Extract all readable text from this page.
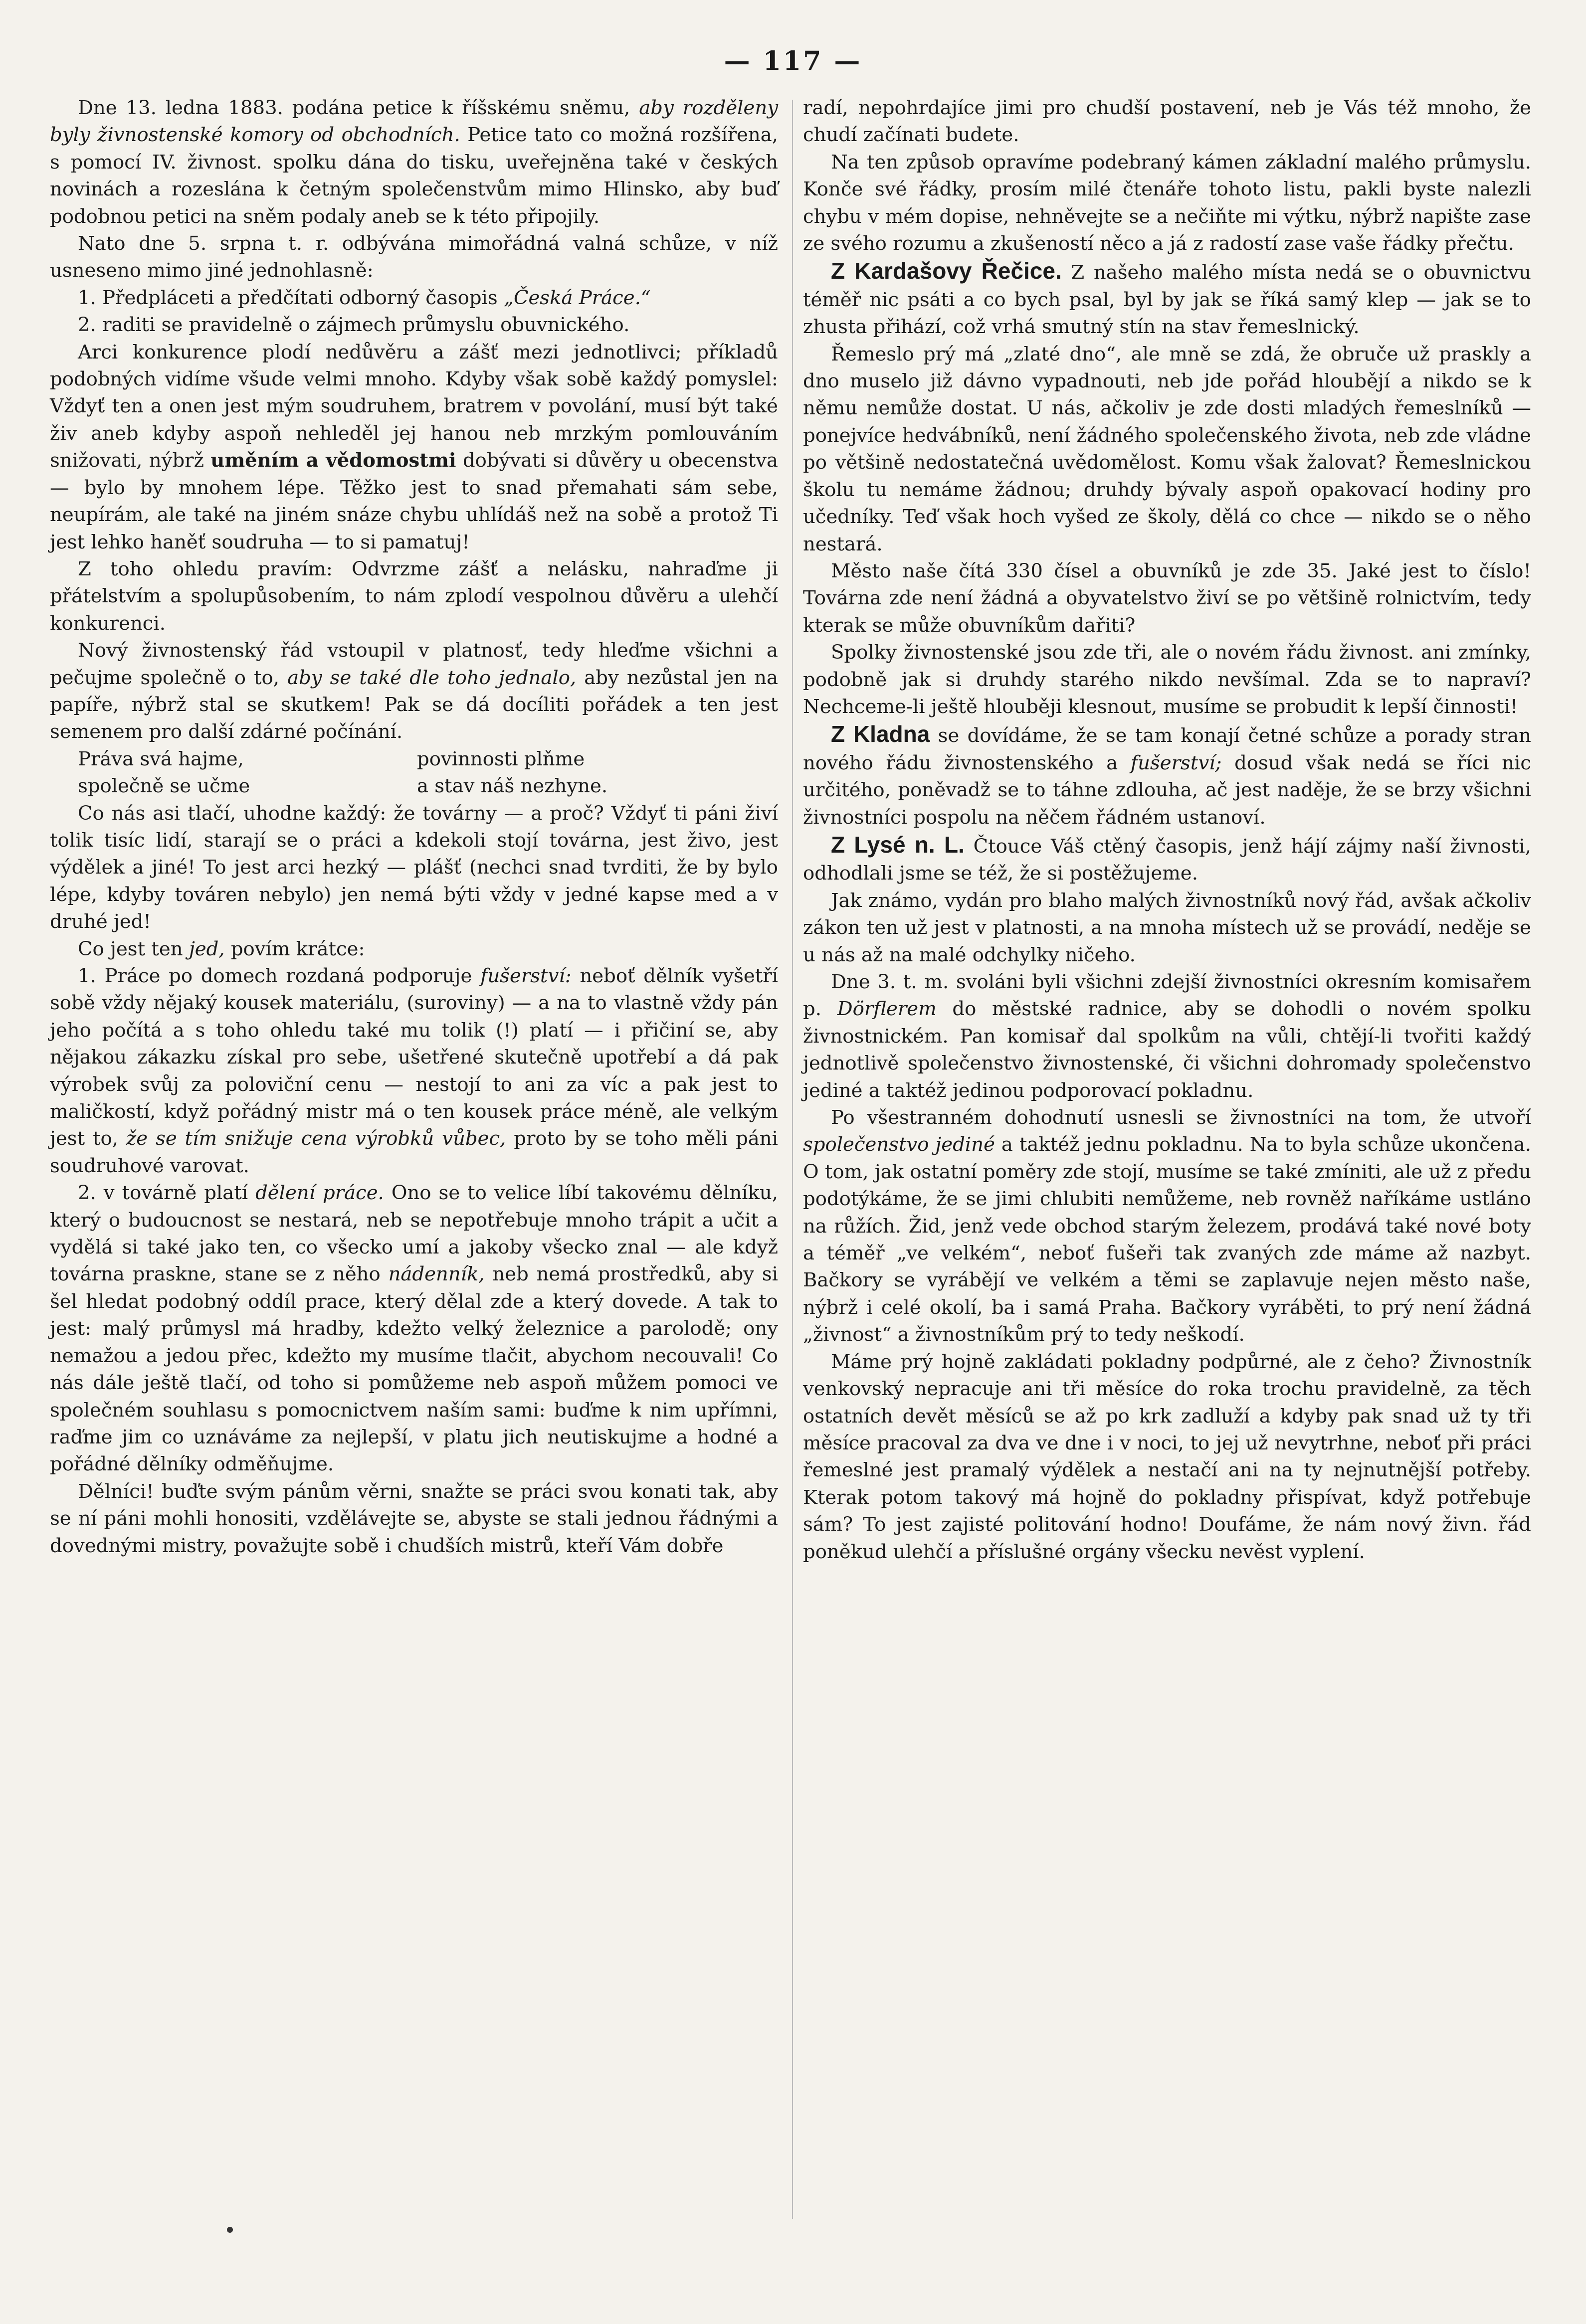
— 117 —

Dne 13. ledna 1883. podána petice k říšskému sněmu, aby rozděleny byly živnostenské komory od obchodních. Petice tato co možná rozšířena, s pomocí IV. živnost. spolku dána do tisku, uveřejněna také v českých novinách a rozeslána k četným společenstvům mimo Hlinsko, aby buď podobnou petici na sněm podaly aneb se k této připojily.

Nato dne 5. srpna t. r. odbývána mimořádná valná schůze, v níž usneseno mimo jiné jednohlasně:

1. Předpláceti a předčítati odborný časopis „Česká Práce.“

2. raditi se pravidelně o zájmech průmyslu obuvnického.

Arci konkurence plodí nedůvěru a zášť mezi jednotlivci; příkladů podobných vidíme všude velmi mnoho. Kdyby však sobě každý pomyslel: Vždyť ten a onen jest mým soudruhem, bratrem v povolání, musí být také živ aneb kdyby aspoň nehleděl jej hanou neb mrzkým pomlouváním snižovati, nýbrž uměním a vědomostmi dobývati si důvěry u obecenstva — bylo by mnohem lépe. Těžko jest to snad přemahati sám sebe, neupírám, ale také na jiném snáze chybu uhlídáš než na sobě a protož Ti jest lehko haněť soudruha — to si pamatuj!

Z toho ohledu pravím: Odvrzme zášť a nelásku, nahraďme ji přátelstvím a spolupůsobením, to nám zplodí vespolnou důvěru a ulehčí konkurenci.

Nový živnostenský řád vstoupil v platnosť, tedy hleďme všichni a pečujme společně o to, aby se také dle toho jednalo, aby nezůstal jen na papíře, nýbrž stal se skutkem! Pak se dá docíliti pořádek a ten jest semenem pro další zdárné počínání.

Práva svá hajme,	povinnosti plňme
společně se učme	a stav náš nezhyne.

Co nás asi tlačí, uhodne každý: že továrny — a proč? Vždyť ti páni živí tolik tisíc lidí, starají se o práci a kdekoli stojí továrna, jest živo, jest výdělek a jiné! To jest arci hezký — plášť (nechci snad tvrditi, že by bylo lépe, kdyby továren nebylo) jen nemá býti vždy v jedné kapse med a v druhé jed!

Co jest ten jed, povím krátce:

1. Práce po domech rozdaná podporuje fušerství: neboť dělník vyšetří sobě vždy nějaký kousek materiálu, (suroviny) — a na to vlastně vždy pán jeho počítá a s toho ohledu také mu tolik (!) platí — i přičiní se, aby nějakou zákazku získal pro sebe, ušetřené skutečně upotřebí a dá pak výrobek svůj za poloviční cenu — nestojí to ani za víc a pak jest to maličkostí, když pořádný mistr má o ten kousek práce méně, ale velkým jest to, že se tím snižuje cena výrobků vůbec, proto by se toho měli páni soudruhové varovat.

2. v továrně platí dělení práce. Ono se to velice líbí takovému dělníku, který o budoucnost se nestará, neb se nepotřebuje mnoho trápit a učit a vydělá si také jako ten, co všecko umí a jakoby všecko znal — ale když továrna praskne, stane se z něho nádenník, neb nemá prostředků, aby si šel hledat podobný oddíl prace, který dělal zde a který dovede. A tak to jest: malý průmysl má hradby, kdežto velký železnice a parolodě; ony nemažou a jedou přec, kdežto my musíme tlačit, abychom necouvali! Co nás dále ještě tlačí, od toho si pomůžeme neb aspoň můžem pomoci ve společném souhlasu s pomocnictvem naším sami: buďme k nim upřímni, raďme jim co uznáváme za nejlepší, v platu jich neutiskujme a hodné a pořádné dělníky odměňujme.

Dělníci! buďte svým pánům věrni, snažte se práci svou konati tak, aby se ní páni mohli honositi, vzdělávejte se, abyste se stali jednou řádnými a dovednými mistry, považujte sobě i chudších mistrů, kteří Vám dobře

radí, nepohrdajíce jimi pro chudší postavení, neb je Vás též mnoho, že chudí začínati budete.

Na ten způsob opravíme podebraný kámen základní malého průmyslu. Konče své řádky, prosím milé čtenáře tohoto listu, pakli byste nalezli chybu v mém dopise, nehněvejte se a nečiňte mi výtku, nýbrž napište zase ze svého rozumu a zkušeností něco a já z radostí zase vaše řádky přečtu.

Z Kardašovy Řečice. Z našeho malého místa nedá se o obuvnictvu téměř nic psáti a co bych psal, byl by jak se říká samý klep — jak se to zhusta přihází, což vrhá smutný stín na stav řemeslnický.

Řemeslo prý má „zlaté dno“, ale mně se zdá, že obruče už praskly a dno muselo již dávno vypadnouti, neb jde pořád hloubějí a nikdo se k němu nemůže dostat. U nás, ačkoliv je zde dosti mladých řemeslníků — ponejvíce hedvábníků, není žádného společenského života, neb zde vládne po většině nedostatečná uvědomělost. Komu však žalovat? Řemeslnickou školu tu nemáme žádnou; druhdy bývaly aspoň opakovací hodiny pro učedníky. Teď však hoch vyšed ze školy, dělá co chce — nikdo se o něho nestará.

Město naše čítá 330 čísel a obuvníků je zde 35. Jaké jest to číslo! Továrna zde není žádná a obyvatelstvo živí se po většině rolnictvím, tedy kterak se může obuvníkům dařiti?

Spolky živnostenské jsou zde tři, ale o novém řádu živnost. ani zmínky, podobně jak si druhdy starého nikdo nevšímal. Zda se to napraví? Nechceme-li ještě hlouběji klesnout, musíme se probudit k lepší činnosti!

Z Kladna se dovídáme, že se tam konají četné schůze a porady stran nového řádu živnostenského a fušerství; dosud však nedá se říci nic určitého, poněvadž se to táhne zdlouha, ač jest naděje, že se brzy všichni živnostníci pospolu na něčem řádném ustanoví.

Z Lysé n. L. Čtouce Váš ctěný časopis, jenž hájí zájmy naší živnosti, odhodlali jsme se též, že si postěžujeme.

Jak známo, vydán pro blaho malých živnostníků nový řád, avšak ačkoliv zákon ten už jest v platnosti, a na mnoha místech už se provádí, neděje se u nás až na malé odchylky ničeho.

Dne 3. t. m. svoláni byli všichni zdejší živnostníci okresním komisařem p. Dörflerem do městské radnice, aby se dohodli o novém spolku živnostnickém. Pan komisař dal spolkům na vůli, chtějí-li tvořiti každý jednotlivě společenstvo živnostenské, či všichni dohromady společenstvo jediné a taktéž jedinou podporovací pokladnu.

Po všestranném dohodnutí usnesli se živnostníci na tom, že utvoří společenstvo jediné a taktéž jednu pokladnu. Na to byla schůze ukončena. O tom, jak ostatní poměry zde stojí, musíme se také zmíniti, ale už z předu podotýkáme, že se jimi chlubiti nemůžeme, neb rovněž naříkáme ustláno na růžích. Žid, jenž vede obchod starým železem, prodává také nové boty a téměř „ve velkém“, neboť fušeři tak zvaných zde máme až nazbyt. Bačkory se vyrábějí ve velkém a těmi se zaplavuje nejen město naše, nýbrž i celé okolí, ba i samá Praha. Bačkory vyráběti, to prý není žádná „živnost“ a živnostníkům prý to tedy neškodí.

Máme prý hojně zakládati pokladny podpůrné, ale z čeho? Živnostník venkovský nepracuje ani tři měsíce do roka trochu pravidelně, za těch ostatních devět měsíců se až po krk zadluží a kdyby pak snad už ty tři měsíce pracoval za dva ve dne i v noci, to jej už nevytrhne, neboť při práci řemeslné jest pramalý výdělek a nestačí ani na ty nejnutnější potřeby. Kterak potom takový má hojně do pokladny přispívat, když potřebuje sám? To jest zajisté politování hodno! Doufáme, že nám nový živn. řád poněkud ulehčí a příslušné orgány všecku nevěst vyplení.
